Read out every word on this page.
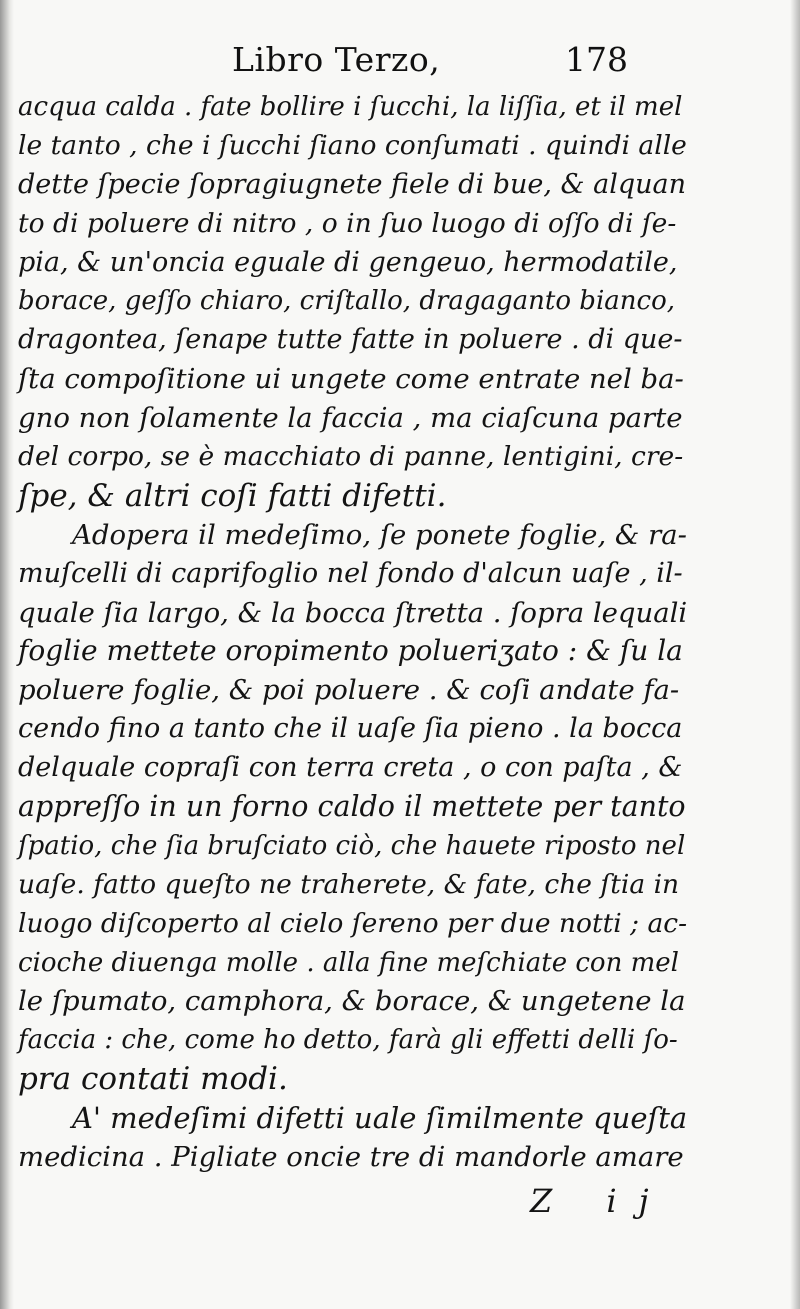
Libro Terzo,	178
acqua calda . fate bollire i ſucchi, la liſſia, et il mel
le tanto , che i ſucchi ſiano conſumati . quindi alle
dette ſpecie ſopragiugnete fiele di bue, & alquan
to di poluere di nitro , o in ſuo luogo di oſſo di ſe-
pia, & un'oncia eguale di gengeuo, hermodatile,
borace, geſſo chiaro, criſtallo, dragaganto bianco,
dragontea, ſenape tutte fatte in poluere . di que-
ſta compoſitione ui ungete come entrate nel ba-
gno non ſolamente la faccia , ma ciaſcuna parte
del corpo, se è macchiato di panne, lentigini, cre-
ſpe, & altri coſi fatti difetti.
Adopera il medeſimo, ſe ponete foglie, & ra-
muſcelli di caprifoglio nel fondo d'alcun uaſe , il-
quale ſia largo, & la bocca ſtretta . ſopra lequali
foglie mettete oropimento polueriʒato : & ſu la
poluere foglie, & poi poluere . & coſi andate fa-
cendo fino a tanto che il uaſe ſia pieno . la bocca
delquale copraſi con terra creta , o con paſta , &
appreſſo in un forno caldo il mettete per tanto
ſpatio, che ſia bruſciato ciò, che hauete riposto nel
uaſe. fatto queſto ne traherete, & fate, che ſtia in
luogo diſcoperto al cielo ſereno per due notti ; ac-
cioche diuenga molle . alla fine meſchiate con mel
le ſpumato, camphora, & borace, & ungetene la
faccia : che, come ho detto, farà gli effetti delli ſo-
pra contati modi.
A' medeſimi difetti uale ſimilmente queſta
medicina . Pigliate oncie tre di mandorle amare
Z ij
